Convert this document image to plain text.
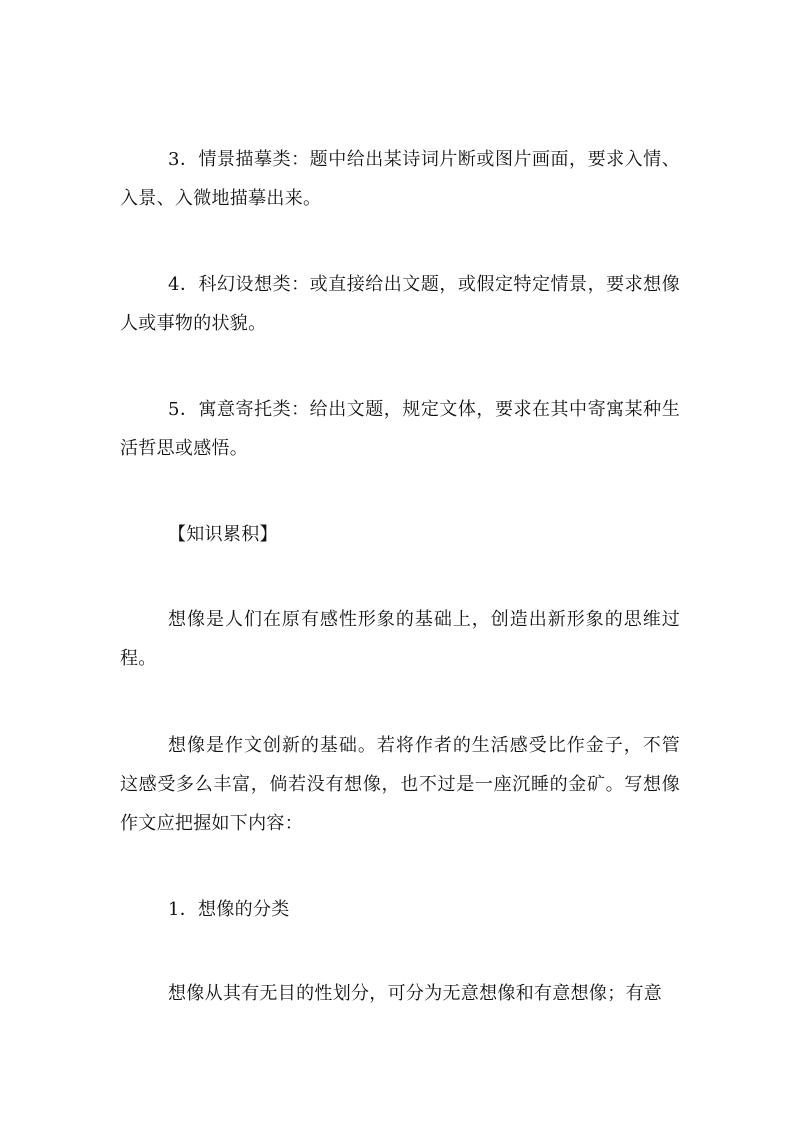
3．情景描摹类：题中给出某诗词片断或图片画面，要求入情、入景、入微地描摹出来。

4．科幻设想类：或直接给出文题，或假定特定情景，要求想像人或事物的状貌。

5．寓意寄托类：给出文题，规定文体，要求在其中寄寓某种生活哲思或感悟。

【知识累积】

想像是人们在原有感性形象的基础上，创造出新形象的思维过程。

想像是作文创新的基础。若将作者的生活感受比作金子，不管这感受多么丰富，倘若没有想像，也不过是一座沉睡的金矿。写想像作文应把握如下内容：

1．想像的分类

想像从其有无目的性划分，可分为无意想像和有意想像；有意
